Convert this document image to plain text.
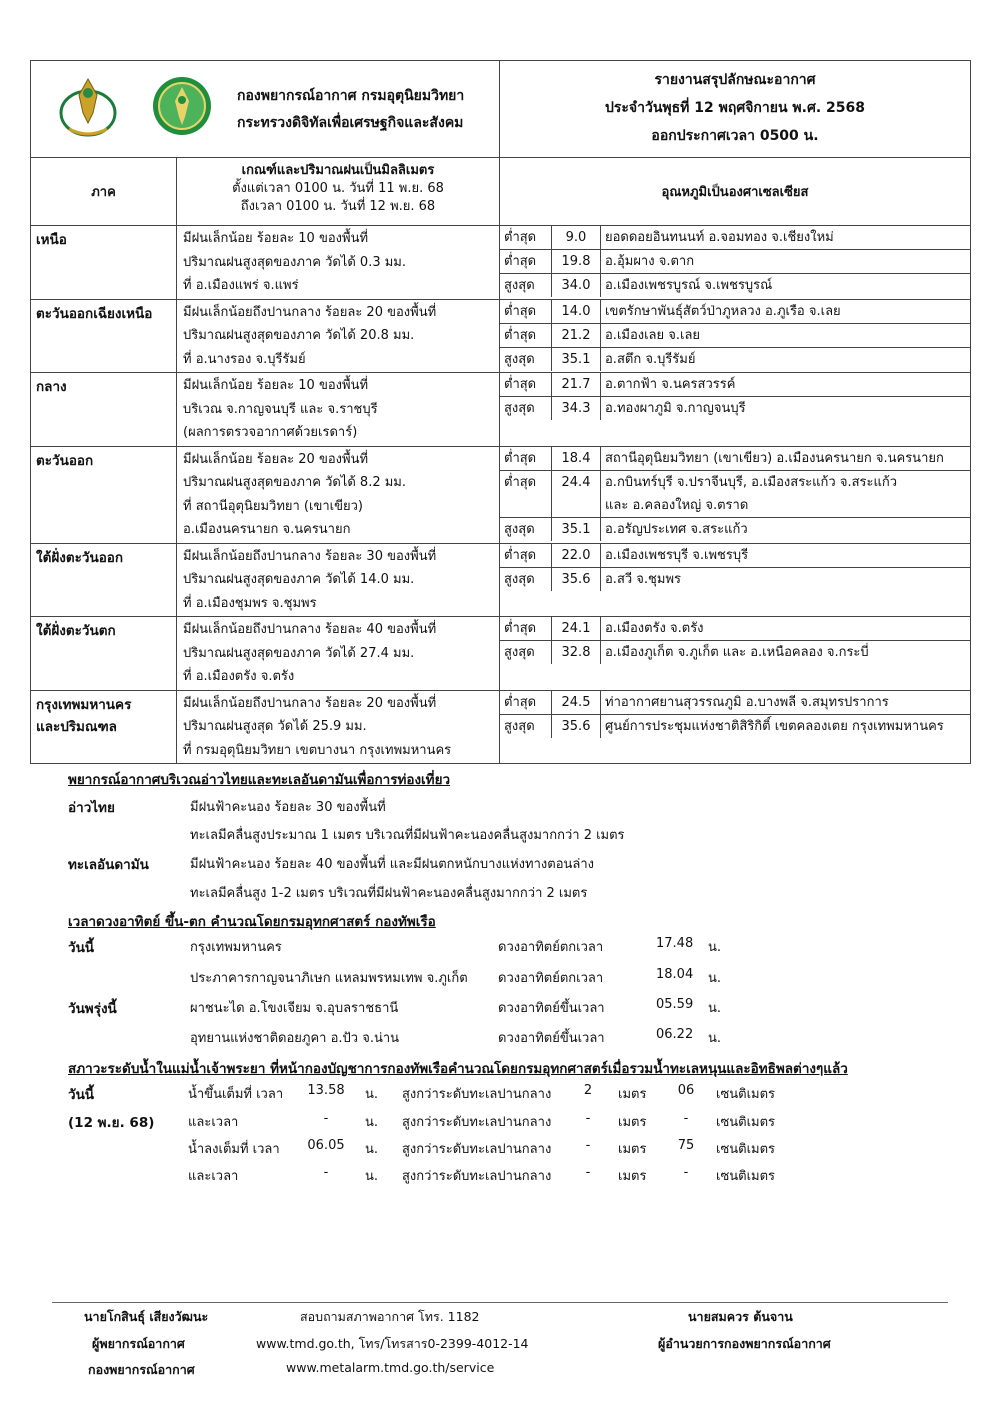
กองพยากรณ์อากาศ กรมอุตุนิยมวิทยา
กระทรวงดิจิทัลเพื่อเศรษฐกิจและสังคม

รายงานสรุปลักษณะอากาศ
ประจำวันพุธที่ 12 พฤศจิกายน พ.ศ. 2568
ออกประกาศเวลา 0500 น.

ภาค	
เกณฑ์และปริมาณฝนเป็นมิลลิเมตร
ตั้งแต่เวลา 0100 น. วันที่ 11 พ.ย. 68
ถึงเวลา 0100 น. วันที่ 12 พ.ย. 68
	อุณหภูมิเป็นองศาเซลเซียส

เหนือ	มีฝนเล็กน้อย ร้อยละ 10 ของพื้นที่
ปริมาณฝนสูงสุดของภาค วัดได้ 0.3 มม.
ที่ อ.เมืองแพร่ จ.แพร่

ต่ำสุด	9.0	ยอดดอยอินทนนท์ อ.จอมทอง จ.เชียงใหม่

ต่ำสุด	19.8	อ.อุ้มผาง จ.ตาก

สูงสุด	34.0	อ.เมืองเพชรบูรณ์ จ.เพชรบูรณ์

ตะวันออกเฉียงเหนือ	มีฝนเล็กน้อยถึงปานกลาง ร้อยละ 20 ของพื้นที่
ปริมาณฝนสูงสุดของภาค วัดได้ 20.8 มม.
ที่ อ.นางรอง จ.บุรีรัมย์

ต่ำสุด	14.0	เขตรักษาพันธุ์สัตว์ป่าภูหลวง อ.ภูเรือ จ.เลย

ต่ำสุด	21.2	อ.เมืองเลย จ.เลย

สูงสุด	35.1	อ.สตึก จ.บุรีรัมย์

กลาง	มีฝนเล็กน้อย ร้อยละ 10 ของพื้นที่
บริเวณ จ.กาญจนบุรี และ จ.ราชบุรี
(ผลการตรวจอากาศด้วยเรดาร์)

ต่ำสุด	21.7	อ.ตากฟ้า จ.นครสวรรค์

สูงสุด	34.3	อ.ทองผาภูมิ จ.กาญจนบุรี

ตะวันออก	มีฝนเล็กน้อย ร้อยละ 20 ของพื้นที่
ปริมาณฝนสูงสุดของภาค วัดได้ 8.2 มม.
ที่ สถานีอุตุนิยมวิทยา (เขาเขียว)
อ.เมืองนครนายก จ.นครนายก

ต่ำสุด	18.4	สถานีอุตุนิยมวิทยา (เขาเขียว) อ.เมืองนครนายก จ.นครนายก

ต่ำสุด	24.4	อ.กบินทร์บุรี จ.ปราจีนบุรี, อ.เมืองสระแก้ว จ.สระแก้ว
และ อ.คลองใหญ่ จ.ตราด

สูงสุด	35.1	อ.อรัญประเทศ จ.สระแก้ว

ใต้ฝั่งตะวันออก	มีฝนเล็กน้อยถึงปานกลาง ร้อยละ 30 ของพื้นที่
ปริมาณฝนสูงสุดของภาค วัดได้ 14.0 มม.
ที่ อ.เมืองชุมพร จ.ชุมพร

ต่ำสุด	22.0	อ.เมืองเพชรบุรี จ.เพชรบุรี

สูงสุด	35.6	อ.สวี จ.ชุมพร

ใต้ฝั่งตะวันตก	มีฝนเล็กน้อยถึงปานกลาง ร้อยละ 40 ของพื้นที่
ปริมาณฝนสูงสุดของภาค วัดได้ 27.4 มม.
ที่ อ.เมืองตรัง จ.ตรัง

ต่ำสุด	24.1	อ.เมืองตรัง จ.ตรัง

สูงสุด	32.8	อ.เมืองภูเก็ต จ.ภูเก็ต และ อ.เหนือคลอง จ.กระบี่

กรุงเทพมหานคร
และปริมณฑล

มีฝนเล็กน้อยถึงปานกลาง ร้อยละ 20 ของพื้นที่
ปริมาณฝนสูงสุด วัดได้ 25.9 มม.
ที่ กรมอุตุนิยมวิทยา เขตบางนา กรุงเทพมหานคร

ต่ำสุด	24.5	ท่าอากาศยานสุวรรณภูมิ อ.บางพลี จ.สมุทรปราการ

สูงสุด	35.6	ศูนย์การประชุมแห่งชาติสิริกิติ์ เขตคลองเตย กรุงเทพมหานคร
พยากรณ์อากาศบริเวณอ่าวไทยและทะเลอันดามันเพื่อการท่องเที่ยว
อ่าวไทย	มีฝนฟ้าคะนอง ร้อยละ 30 ของพื้นที่
ทะเลมีคลื่นสูงประมาณ 1 เมตร บริเวณที่มีฝนฟ้าคะนองคลื่นสูงมากกว่า 2 เมตร
ทะเลอันดามัน	มีฝนฟ้าคะนอง ร้อยละ 40 ของพื้นที่ และมีฝนตกหนักบางแห่งทางตอนล่าง
ทะเลมีคลื่นสูง 1-2 เมตร บริเวณที่มีฝนฟ้าคะนองคลื่นสูงมากกว่า 2 เมตร
เวลาดวงอาทิตย์ ขึ้น-ตก คำนวณโดยกรมอุทกศาสตร์ กองทัพเรือ
วันนี้
วันพรุ่งนี้
กรุงเทพมหานคร	ดวงอาทิตย์ตกเวลา	17.48 น.
ประภาคารกาญจนาภิเษก แหลมพรหมเทพ จ.ภูเก็ต ดวงอาทิตย์ตกเวลา	18.04 น.
ผาชนะได อ.โขงเจียม จ.อุบลราชธานี	ดวงอาทิตย์ขึ้นเวลา	05.59 น.
อุทยานแห่งชาติดอยภูคา อ.ปัว จ.น่าน	ดวงอาทิตย์ขึ้นเวลา	06.22 น.
สภาวะระดับน้ำในแม่น้ำเจ้าพระยา ที่หน้ากองบัญชาการกองทัพเรือคำนวณโดยกรมอุทกศาสตร์เมื่อรวมน้ำทะเลหนุนและอิทธิพลต่างๆแล้ว
วันนี้
(12 พ.ย. 68)
น้ำขึ้นเต็มที่ เวลา 13.58 น. สูงกว่าระดับทะเลปานกลาง	2	เมตร	06	เซนติเมตร
และเวลา	-	น. สูงกว่าระดับทะเลปานกลาง	-	เมตร	-	เซนติเมตร
น้ำลงเต็มที่ เวลา 06.05 น. สูงกว่าระดับทะเลปานกลาง	-	เมตร	75	เซนติเมตร
และเวลา	-	น. สูงกว่าระดับทะเลปานกลาง	-	เมตร	-	เซนติเมตร
นายโกสินธุ์ เสียงวัฒนะ
ผู้พยากรณ์อากาศ
กองพยากรณ์อากาศ
สอบถามสภาพอากาศ โทร. 1182
www.tmd.go.th, โทร/โทรสาร0-2399-4012-14
www.metalarm.tmd.go.th/service
นายสมควร ต้นจาน
ผู้อำนวยการกองพยากรณ์อากาศ
